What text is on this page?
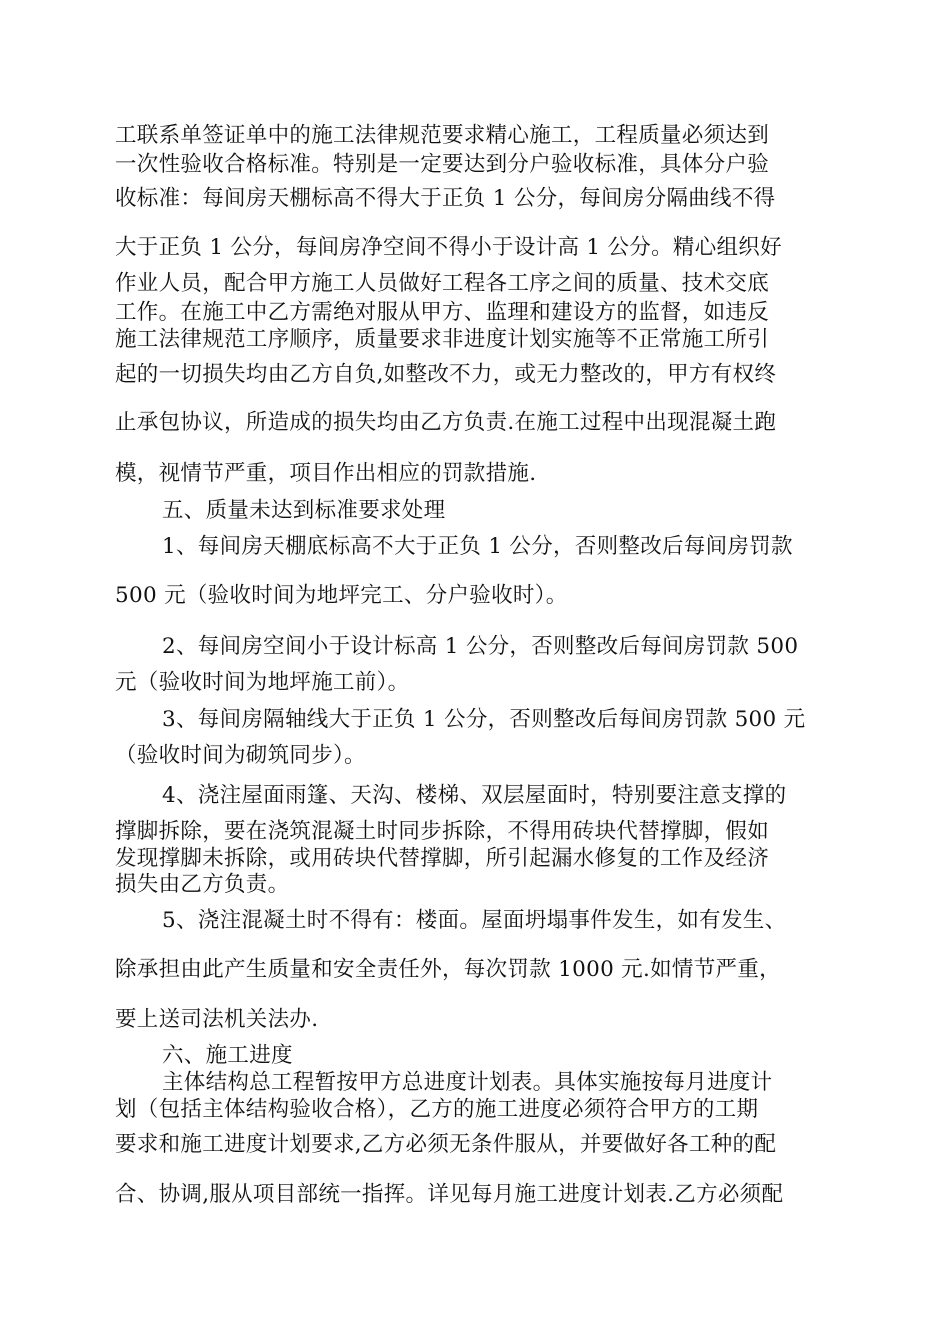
工联系单签证单中的施工法律规范要求精心施工，工程质量必须达到
一次性验收合格标准。特别是一定要达到分户验收标准，具体分户验
收标准：每间房天棚标高不得大于正负 1 公分，每间房分隔曲线不得
大于正负 1 公分，每间房净空间不得小于设计高 1 公分。精心组织好
作业人员，配合甲方施工人员做好工程各工序之间的质量、技术交底
工作。在施工中乙方需绝对服从甲方、监理和建设方的监督，如违反
施工法律规范工序顺序，质量要求非进度计划实施等不正常施工所引
起的一切损失均由乙方自负,如整改不力，或无力整改的，甲方有权终
止承包协议，所造成的损失均由乙方负责.在施工过程中出现混凝土跑
模，视情节严重，项目作出相应的罚款措施.
五、质量未达到标准要求处理
1、每间房天棚底标高不大于正负 1 公分，否则整改后每间房罚款
500 元（验收时间为地坪完工、分户验收时）。
2、每间房空间小于设计标高 1 公分，否则整改后每间房罚款 500
元（验收时间为地坪施工前）。
3、每间房隔轴线大于正负 1 公分，否则整改后每间房罚款 500 元
（验收时间为砌筑同步）。
4、浇注屋面雨篷、天沟、楼梯、双层屋面时，特别要注意支撑的
撑脚拆除，要在浇筑混凝土时同步拆除，不得用砖块代替撑脚，假如
发现撑脚未拆除，或用砖块代替撑脚，所引起漏水修复的工作及经济
损失由乙方负责。
5、浇注混凝土时不得有：楼面。屋面坍塌事件发生，如有发生、
除承担由此产生质量和安全责任外，每次罚款 1000 元.如情节严重，
要上送司法机关法办.
六、施工进度
主体结构总工程暂按甲方总进度计划表。具体实施按每月进度计
划（包括主体结构验收合格），乙方的施工进度必须符合甲方的工期
要求和施工进度计划要求,乙方必须无条件服从，并要做好各工种的配
合、协调,服从项目部统一指挥。详见每月施工进度计划表.乙方必须配
